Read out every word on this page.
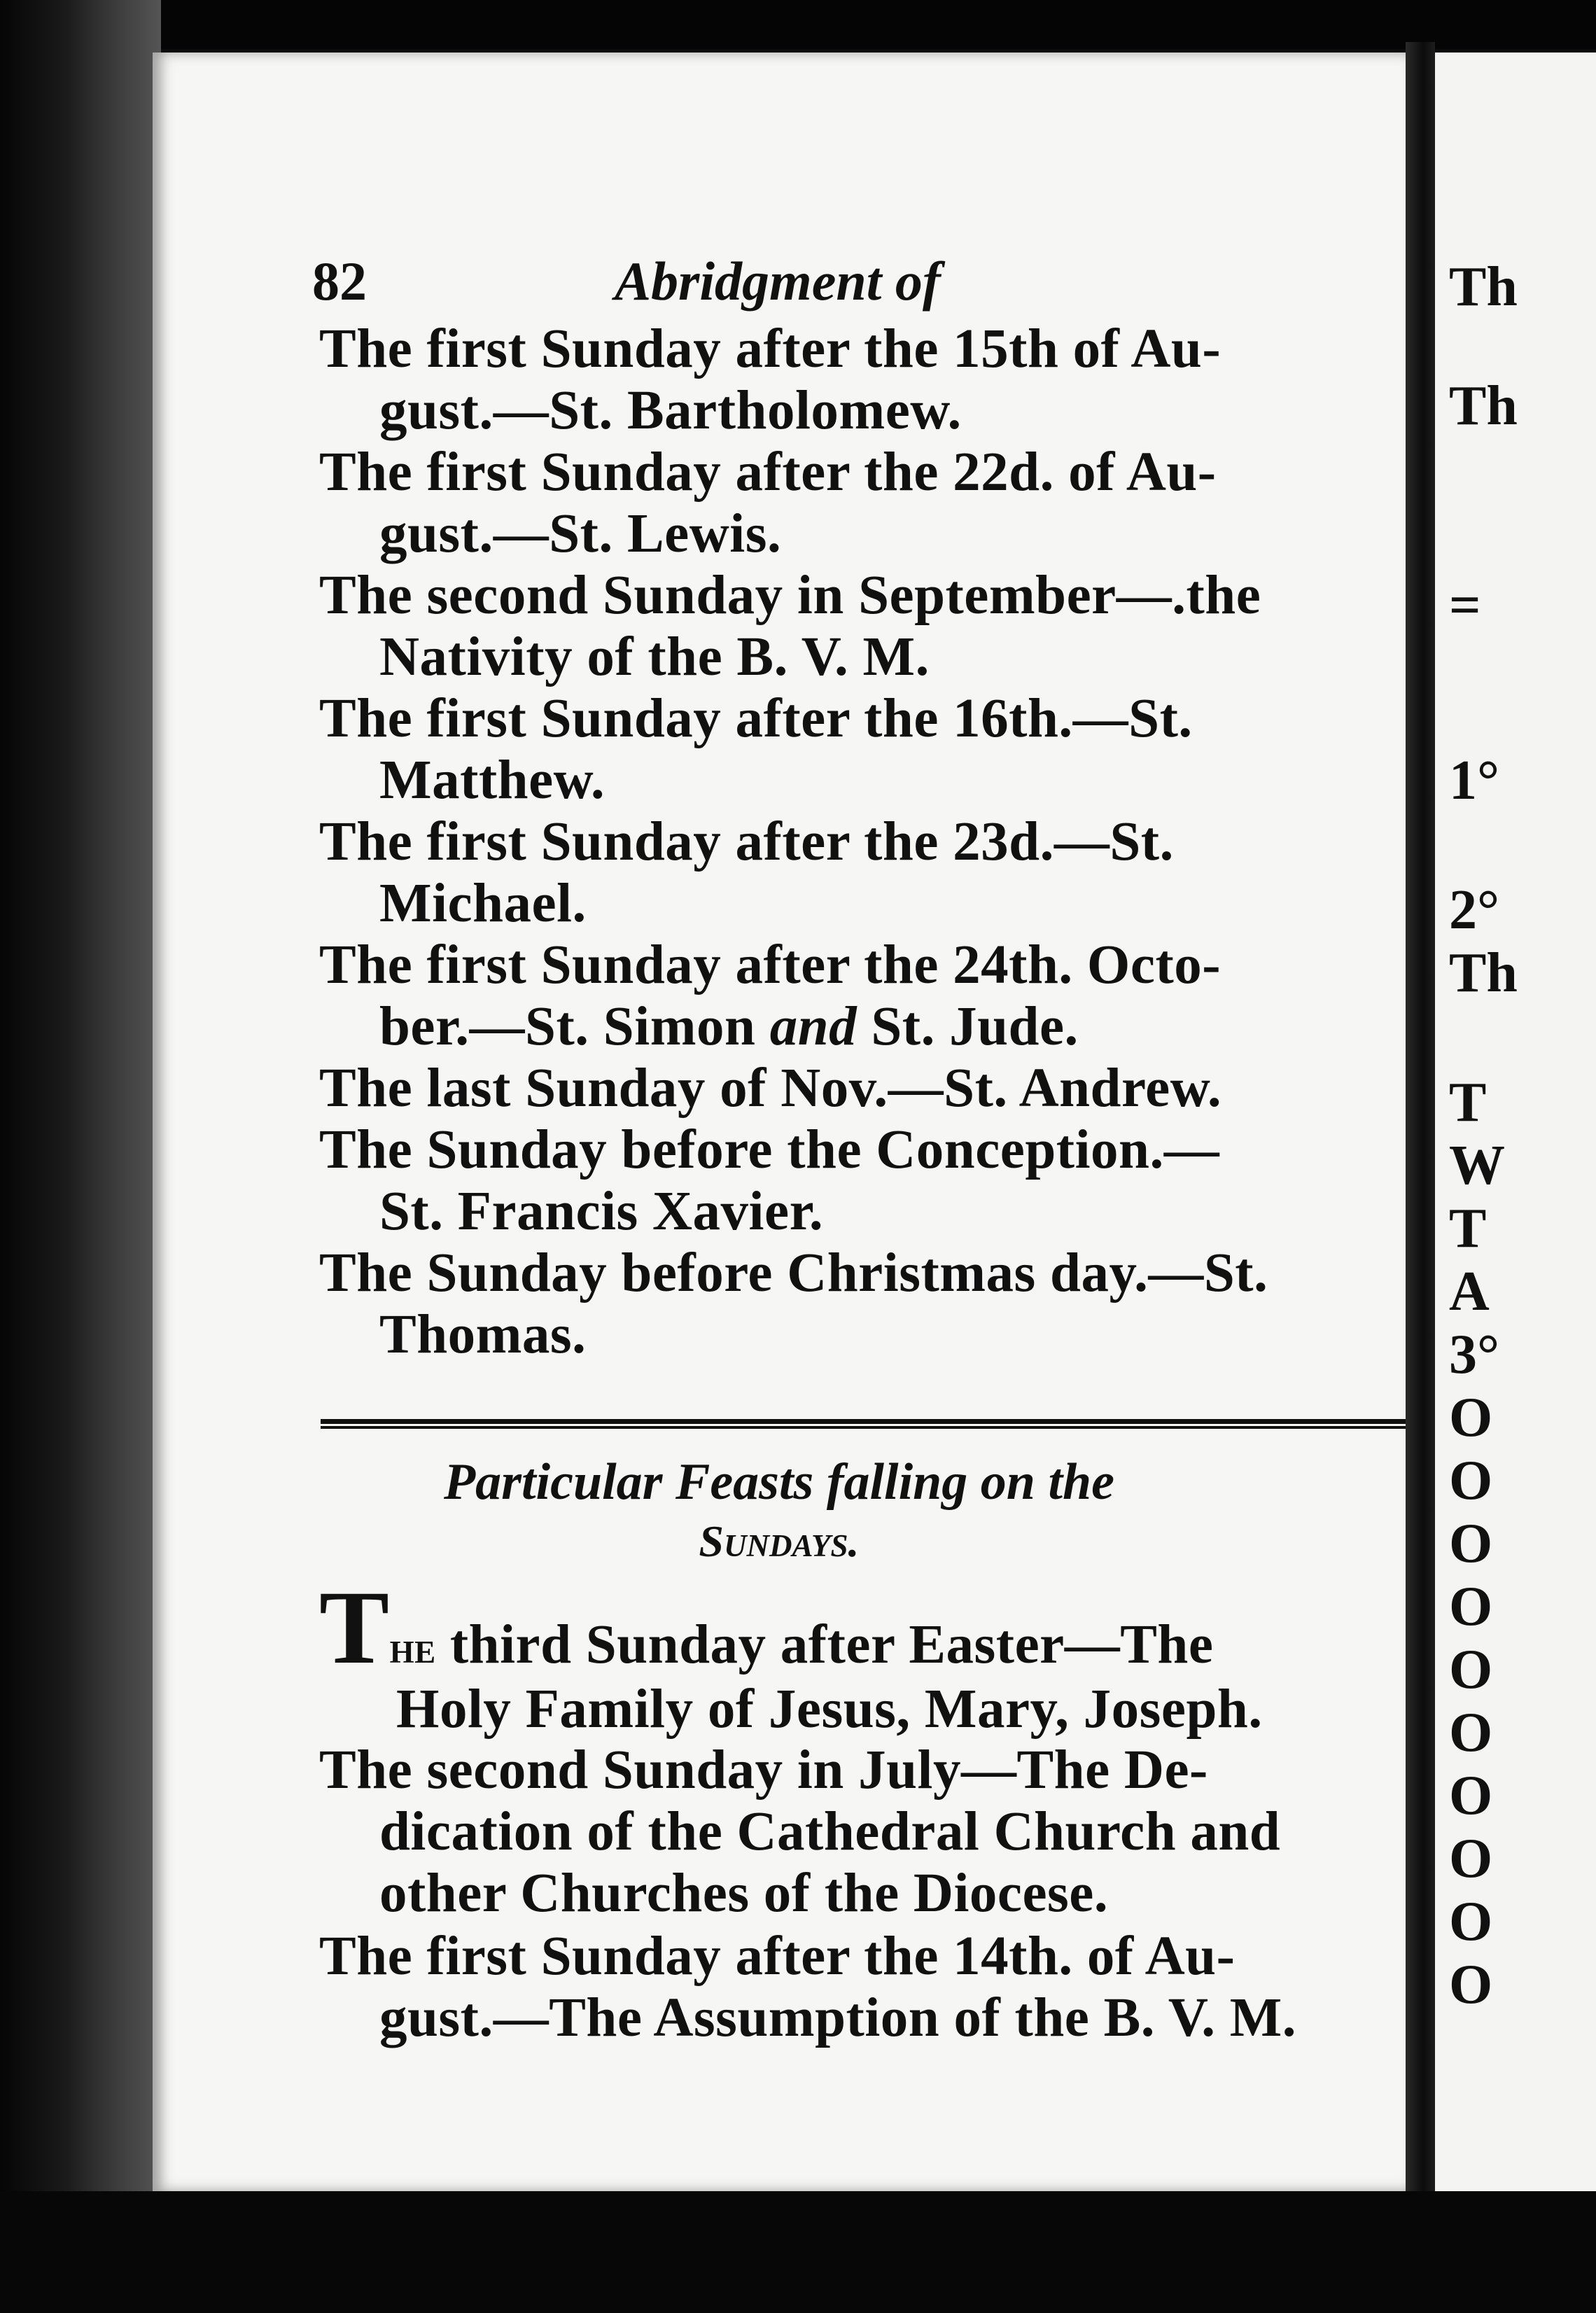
82	Abridgment of
The first Sunday after the 15th of Au-
gust.—St. Bartholomew.
The first Sunday after the 22d. of Au-
gust.—St. Lewis.
The second Sunday in September—.the
Nativity of the B. V. M.
The first Sunday after the 16th.—St.
Matthew.
The first Sunday after the 23d.—St.
Michael.
The first Sunday after the 24th. Octo-
ber.—St. Simon and St. Jude.
The last Sunday of Nov.—St. Andrew.
The Sunday before the Conception.—
St. Francis Xavier.
The Sunday before Christmas day.—St.
Thomas.
Particular Feasts falling on the
Sundays.
The third Sunday after Easter—The
Holy Family of Jesus, Mary, Joseph.
The second Sunday in July—The De-
dication of the Cathedral Church and
other Churches of the Diocese.
The first Sunday after the 14th. of Au-
gust.—The Assumption of the B. V. M.
Th
Th
=
1°
2°
Th
T
W
T
A
3°
O
O
O
O
O
O
O
O
O
O
